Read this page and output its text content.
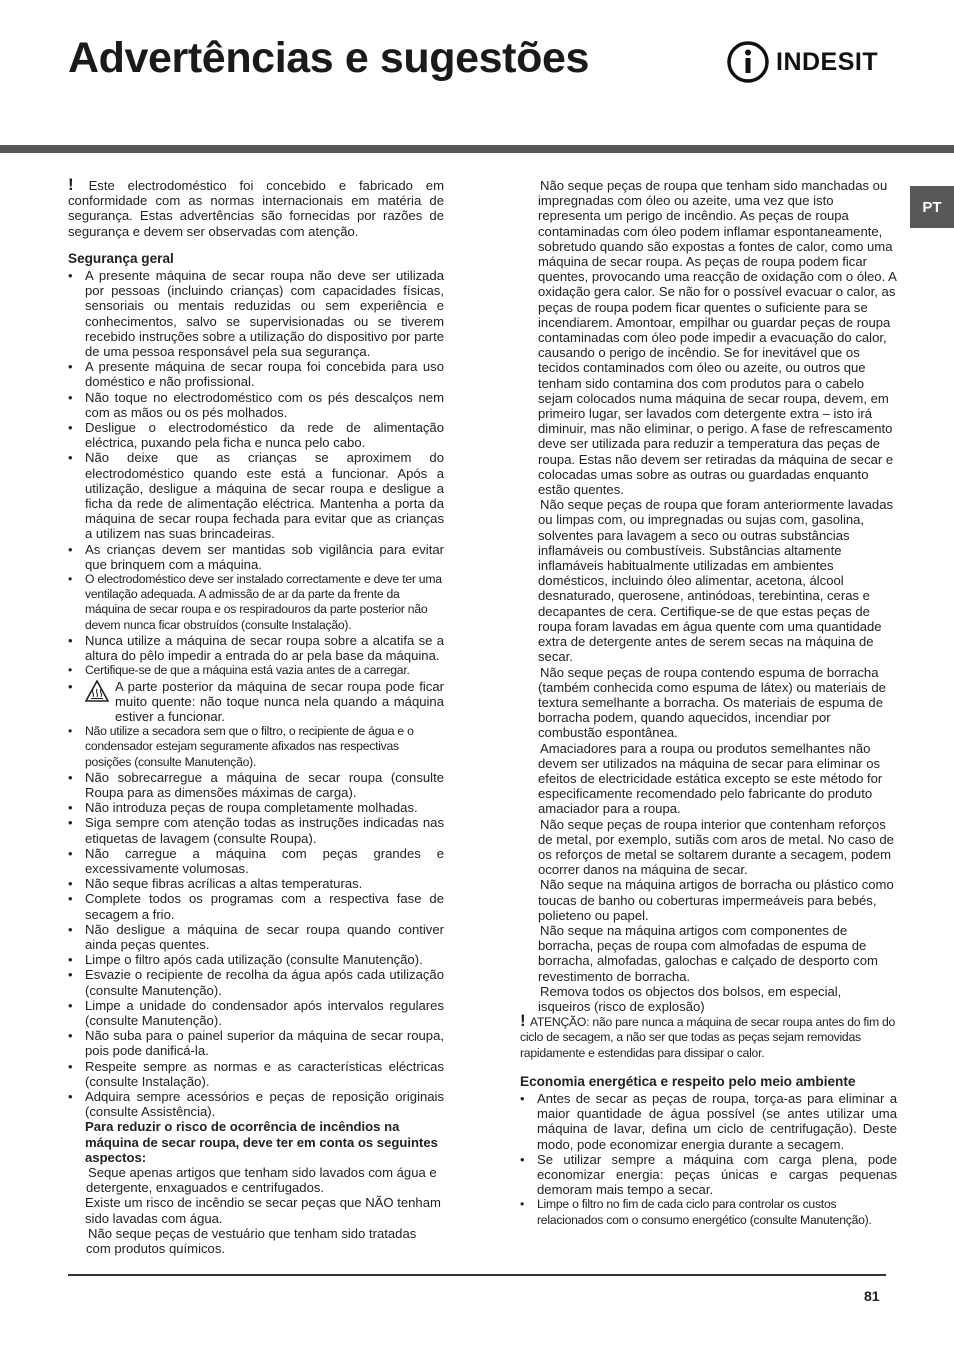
Advertências e sugestões	INDESIT
PT

! Este electrodoméstico foi concebido e fabricado em conformidade com as normas internacionais em matéria de segurança. Estas advertências são fornecidas por razões de segurança e devem ser observadas com atenção.

Segurança geral
• A presente máquina de secar roupa não deve ser utilizada por pessoas (incluindo crianças) com capacidades físicas, sensoriais ou mentais reduzidas ou sem experiência e conhecimentos, salvo se supervisionadas ou se tiverem recebido instruções sobre a utilização do dispositivo por parte de uma pessoa responsável pela sua segurança.
• A presente máquina de secar roupa foi concebida para uso doméstico e não profissional.
• Não toque no electrodoméstico com os pés descalços nem com as mãos ou os pés molhados.
• Desligue o electrodoméstico da rede de alimentação eléctrica, puxando pela ficha e nunca pelo cabo.
• Não deixe que as crianças se aproximem do electrodoméstico quando este está a funcionar. Após a utilização, desligue a máquina de secar roupa e desligue a ficha da rede de alimentação eléctrica. Mantenha a porta da máquina de secar roupa fechada para evitar que as crianças a utilizem nas suas brincadeiras.
• As crianças devem ser mantidas sob vigilância para evitar que brinquem com a máquina.
• O electrodoméstico deve ser instalado correctamente e deve ter uma ventilação adequada. A admissão de ar da parte da frente da máquina de secar roupa e os respiradouros da parte posterior não devem nunca ficar obstruídos (consulte Instalação).
• Nunca utilize a máquina de secar roupa sobre a alcatifa se a altura do pêlo impedir a entrada do ar pela base da máquina.
• Certifique-se de que a máquina está vazia antes de a carregar.
• A parte posterior da máquina de secar roupa pode ficar muito quente: não toque nunca nela quando a máquina estiver a funcionar.
• Não utilize a secadora sem que o filtro, o recipiente de água e o condensador estejam seguramente afixados nas respectivas posições (consulte Manutenção).
• Não sobrecarregue a máquina de secar roupa (consulte Roupa para as dimensões máximas de carga).
• Não introduza peças de roupa completamente molhadas.
• Siga sempre com atenção todas as instruções indicadas nas etiquetas de lavagem (consulte Roupa).
• Não carregue a máquina com peças grandes e excessivamente volumosas.
• Não seque fibras acrílicas a altas temperaturas.
• Complete todos os programas com a respectiva fase de secagem a frio.
• Não desligue a máquina de secar roupa quando contiver ainda peças quentes.
• Limpe o filtro após cada utilização (consulte Manutenção).
• Esvazie o recipiente de recolha da água após cada utilização (consulte Manutenção).
• Limpe a unidade do condensador após intervalos regulares (consulte Manutenção).
• Não suba para o painel superior da máquina de secar roupa, pois pode danificá-la.
• Respeite sempre as normas e as características eléctricas (consulte Instalação).
• Adquira sempre acessórios e peças de reposição originais (consulte Assistência).

Para reduzir o risco de ocorrência de incêndios na máquina de secar roupa, deve ter em conta os seguintes aspectos:

Seque apenas artigos que tenham sido lavados com água e detergente, enxaguados e centrifugados.

Existe um risco de incêndio se secar peças que NÃO tenham sido lavadas com água.

Não seque peças de vestuário que tenham sido tratadas com produtos químicos.

Não seque peças de roupa que tenham sido manchadas ou impregnadas com óleo ou azeite, uma vez que isto representa um perigo de incêndio. As peças de roupa contaminadas com óleo podem inflamar espontaneamente, sobretudo quando são expostas a fontes de calor, como uma máquina de secar roupa. As peças de roupa podem ficar quentes, provocando uma reacção de oxidação com o óleo. A oxidação gera calor. Se não for o possível evacuar o calor, as peças de roupa podem ficar quentes o suficiente para se incendiarem. Amontoar, empilhar ou guardar peças de roupa contaminadas com óleo pode impedir a evacuação do calor, causando o perigo de incêndio. Se for inevitável que os tecidos contaminados com óleo ou azeite, ou outros que tenham sido contamina dos com produtos para o cabelo sejam colocados numa máquina de secar roupa, devem, em primeiro lugar, ser lavados com detergente extra – isto irá diminuir, mas não eliminar, o perigo. A fase de refrescamento deve ser utilizada para reduzir a temperatura das peças de roupa. Estas não devem ser retiradas da máquina de secar e colocadas umas sobre as outras ou guardadas enquanto estão quentes.

Não seque peças de roupa que foram anteriormente lavadas ou limpas com, ou impregnadas ou sujas com, gasolina, solventes para lavagem a seco ou outras substâncias inflamáveis ou combustíveis. Substâncias altamente inflamáveis habitualmente utilizadas em ambientes domésticos, incluindo óleo alimentar, acetona, álcool desnaturado, querosene, antinódoas, terebintina, ceras e decapantes de cera. Certifique-se de que estas peças de roupa foram lavadas em água quente com uma quantidade extra de detergente antes de serem secas na máquina de secar.

Não seque peças de roupa contendo espuma de borracha (também conhecida como espuma de látex) ou materiais de textura semelhante a borracha. Os materiais de espuma de borracha podem, quando aquecidos, incendiar por combustão espontânea.

Amaciadores para a roupa ou produtos semelhantes não devem ser utilizados na máquina de secar para eliminar os efeitos de electricidade estática excepto se este método for especificamente recomendado pelo fabricante do produto amaciador para a roupa.

Não seque peças de roupa interior que contenham reforços de metal, por exemplo, sutiãs com aros de metal. No caso de os reforços de metal se soltarem durante a secagem, podem ocorrer danos na máquina de secar.

Não seque na máquina artigos de borracha ou plástico como toucas de banho ou coberturas impermeáveis para bebés, polieteno ou papel.

Não seque na máquina artigos com componentes de borracha, peças de roupa com almofadas de espuma de borracha, almofadas, galochas e calçado de desporto com revestimento de borracha.

Remova todos os objectos dos bolsos, em especial, isqueiros (risco de explosão)

! ATENÇÃO: não pare nunca a máquina de secar roupa antes do fim do ciclo de secagem, a não ser que todas as peças sejam removidas rapidamente e estendidas para dissipar o calor.

Economia energética e respeito pelo meio ambiente
• Antes de secar as peças de roupa, torça-as para eliminar a maior quantidade de água possível (se antes utilizar uma máquina de lavar, defina um ciclo de centrifugação). Deste modo, pode economizar energia durante a secagem.
• Se utilizar sempre a máquina com carga plena, pode economizar energia: peças únicas e cargas pequenas demoram mais tempo a secar.
• Limpe o filtro no fim de cada ciclo para controlar os custos relacionados com o consumo energético (consulte Manutenção).
81
